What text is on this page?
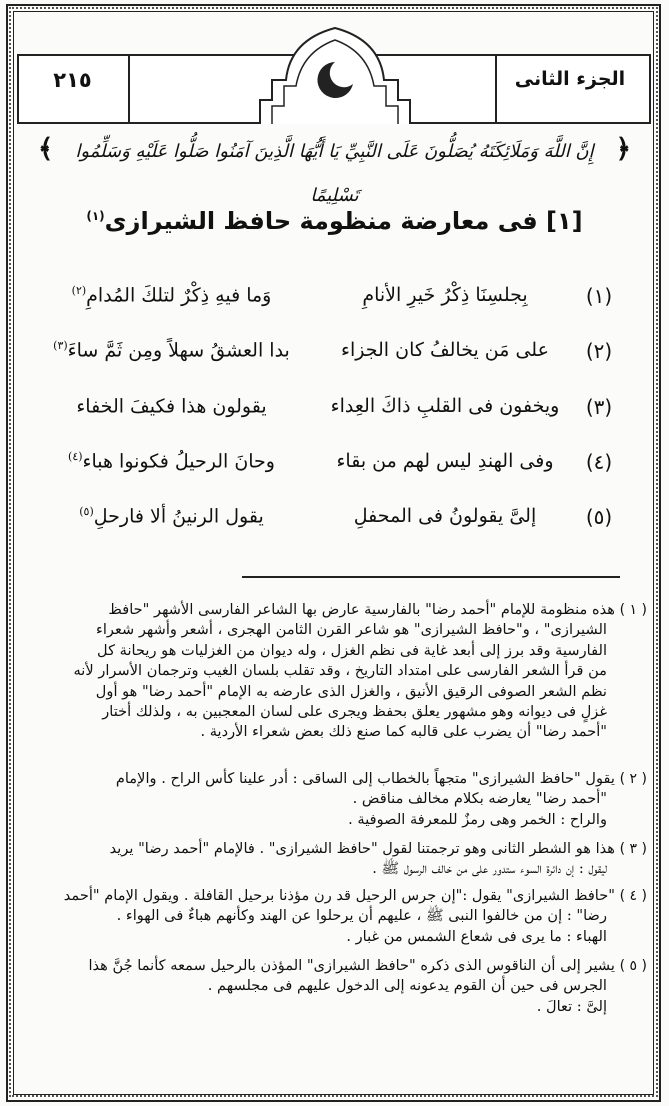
الجزء الثانى
٢١٥
﴿
إِنَّ اللَّهَ وَمَلَائِكَتَهُ يُصَلُّونَ عَلَى النَّبِيِّ يَا أَيُّهَا الَّذِينَ آمَنُوا صَلُّوا عَلَيْهِ وَسَلِّمُوا تَسْلِيمًا
﴾
[١] فى معارضة منظومة حافظ الشيرازى$^{(١)}$
(١)
بِجلسِنَا ذِكْرُ خَيرِ الأنامِ
وَما فيهِ ذِكْرٌ لتلكَ المُدامِ$^{(٢)}$
(٢)
على مَن يخالفُ كان الجزاء
بدا العشقُ سهلاً ومِن ثَمَّ ساءَ$^{(٣)}$
(٣)
ويخفون فى القلبِ ذاكَ العِداء
يقولون هذا فكيفَ الخفاء
(٤)
وفى الهندِ ليس لهم من بقاء
وحانَ الرحيلُ فكونوا هباء$^{(٤)}$
(٥)
إلىَّ يقولونُ فى المحفلِ
يقول الرنينُ ألا فارحلِ$^{(٥)}$
( ١ ) هذه منظومة للإمام "أحمد رضا" بالفارسية عارض بها الشاعر الفارسى الأشهر "حافظ
الشيرازى" ، و"حافظ الشيرازى" هو شاعر القرن الثامن الهجرى ، أشعر وأشهر شعراء
الفارسية وقد برز إلى أبعد غاية فى نظم الغزل ، وله ديوان من الغزليات هو ريحانة كل
من قرأ الشعر الفارسى على امتداد التاريخ ، وقد تقلب بلسان الغيب وترجمان الأسرار لأنه
نظم الشعر الصوفى الرقيق الأنيق ، والغزل الذى عارضه به الإمام "أحمد رضا" هو أول
غزلٍ فى ديوانه وهو مشهور يعلق بحفظ ويجرى على لسان المعجبين به ، ولذلك أختار
"أحمد رضا" أن يضرب على قالبه كما صنع ذلك بعض شعراء الأردية .
( ٢ ) يقول "حافظ الشيرازى" متجهاً بالخطاب إلى الساقى : أدر علينا كأس الراح . والإمام
"أحمد رضا" يعارضه بكلام مخالف مناقض .
والراح : الخمر وهى رمزٌ للمعرفة الصوفية .
( ٣ ) هذا هو الشطر الثانى وهو ترجمتنا لقول "حافظ الشيرازى" . فالإمام "أحمد رضا" يريد
ليقول : إن دائرة السوء ستدور على من خالف الرسول ﷺ .
( ٤ ) "حافظ الشيرازى" يقول :"إن جرس الرحيل قد رن مؤذنا برحيل القافلة . ويقول الإمام "أحمد
رضا" : إن من خالفوا النبى ﷺ ، عليهم أن يرحلوا عن الهند وكأنهم هباءٌ فى الهواء .
الهباء : ما يرى فى شعاع الشمس من غبار .
( ٥ ) يشير إلى أن الناقوس الذى ذكره "حافظ الشيرازى" المؤذن بالرحيل سمعه كأنما جُنَّ هذا
الجرس فى حين أن القوم يدعونه إلى الدخول عليهم فى مجلسهم .
إلىَّ : تعالَ .
